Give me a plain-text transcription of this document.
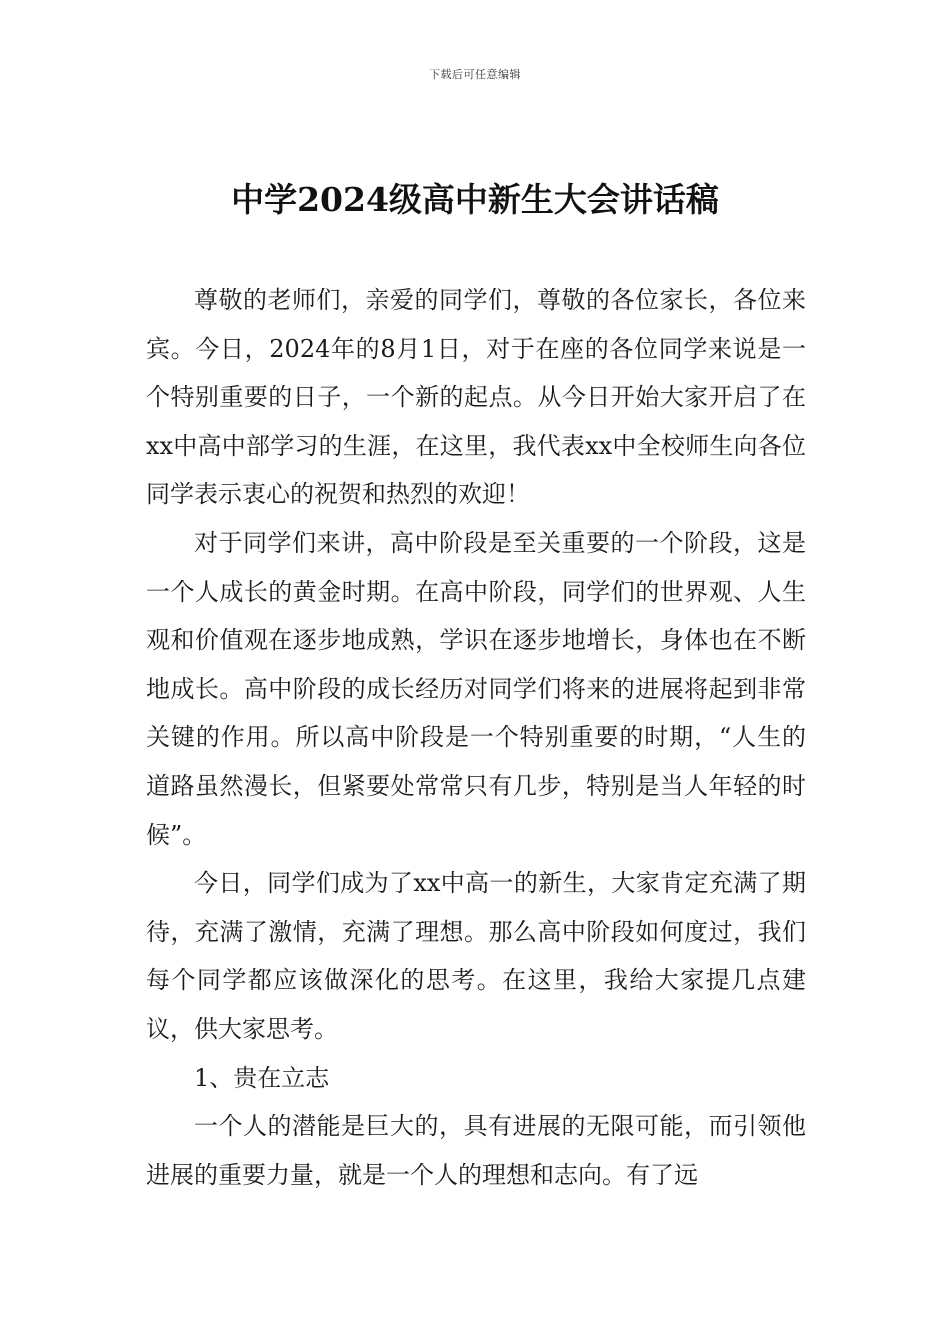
下载后可任意编辑
中学2024级高中新生大会讲话稿

尊敬的老师们，亲爱的同学们，尊敬的各位家长，各位来宾。今日，2024年的8月1日，对于在座的各位同学来说是一个特别重要的日子，一个新的起点。从今日开始大家开启了在xx中高中部学习的生涯，在这里，我代表xx中全校师生向各位同学表示衷心的祝贺和热烈的欢迎！

对于同学们来讲，高中阶段是至关重要的一个阶段，这是一个人成长的黄金时期。在高中阶段，同学们的世界观、人生观和价值观在逐步地成熟，学识在逐步地增长，身体也在不断地成长。高中阶段的成长经历对同学们将来的进展将起到非常关键的作用。所以高中阶段是一个特别重要的时期，“人生的道路虽然漫长，但紧要处常常只有几步，特别是当人年轻的时候”。

今日，同学们成为了xx中高一的新生，大家肯定充满了期待，充满了激情，充满了理想。那么高中阶段如何度过，我们每个同学都应该做深化的思考。在这里，我给大家提几点建议，供大家思考。

1、贵在立志

一个人的潜能是巨大的，具有进展的无限可能，而引领他进展的重要力量，就是一个人的理想和志向。有了远
